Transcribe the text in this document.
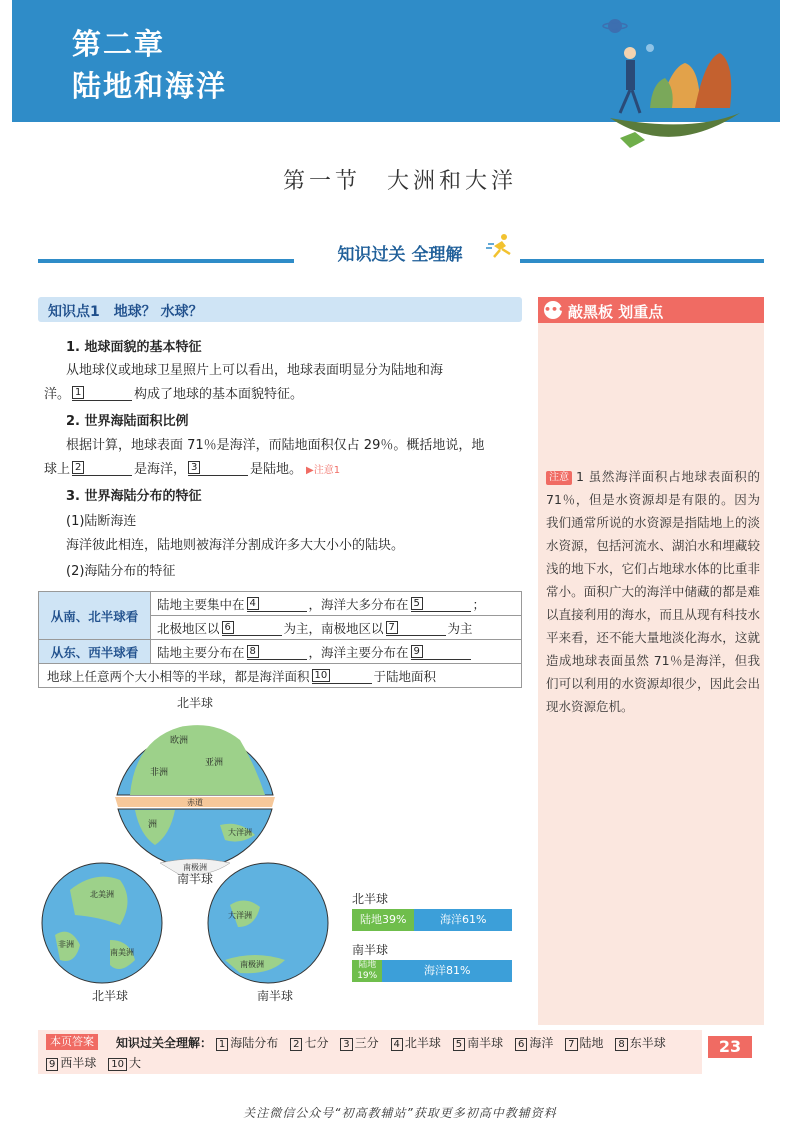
第二章
陆地和海洋
第一节　大洲和大洋
知识过关 全理解
知识点1　地球？ 水球？
1. 地球面貌的基本特征
从地球仪或地球卫星照片上可以看出，地球表面明显分为陆地和海
洋。 1	构成了地球的基本面貌特征。
2. 世界海陆面积比例
根据计算，地球表面 71％是海洋，而陆地面积仅占 29％。概括地说，地
球上 2	是海洋， 3	是陆地。 ▶注意1
3. 世界海陆分布的特征
(1)陆断海连
海洋彼此相连，陆地则被海洋分割成许多大大小小的陆块。
(2)海陆分布的特征
从南、北半球看	陆地主要集中在 4 ，海洋大多分布在 5 ；
	北极地区以 6 为主，南极地区以 7 为主
从东、西半球看	陆地主要分布在 8 ，海洋主要分布在 9

地球上任意两个大小相等的半球，都是海洋面积 10 于陆地面积	
北半球
欧洲
亚洲
非洲
赤道
洲
大洋洲
南极洲
南半球
北美洲
非洲
南美洲
北半球
大洋洲
南极洲
南半球
北半球
陆地39%	海洋61%
南半球
陆地19%	海洋81%
••• 敲黑板 划重点
注意 1 虽然海洋面积占地球表面积的 71％，但是水资源却是有限的。因为我们通常所说的水资源是指陆地上的淡水资源，包括河流水、湖泊水和埋藏较浅的地下水，它们占地球水体的比重非常小。面积广大的海洋中储藏的都是难以直接利用的海水，而且从现有科技水平来看，还不能大量地淡化海水，这就造成地球表面虽然 71％是海洋，但我们可以利用的水资源却很少，因此会出现水资源危机。
本页答案	知识过关全理解： 1 海陆分布 2 七分 3 三分 4 北半球 5 南半球 6 海洋 7 陆地 8 东半球
9 西半球 10 大
23
关注微信公众号“初高教辅站”获取更多初高中教辅资料
